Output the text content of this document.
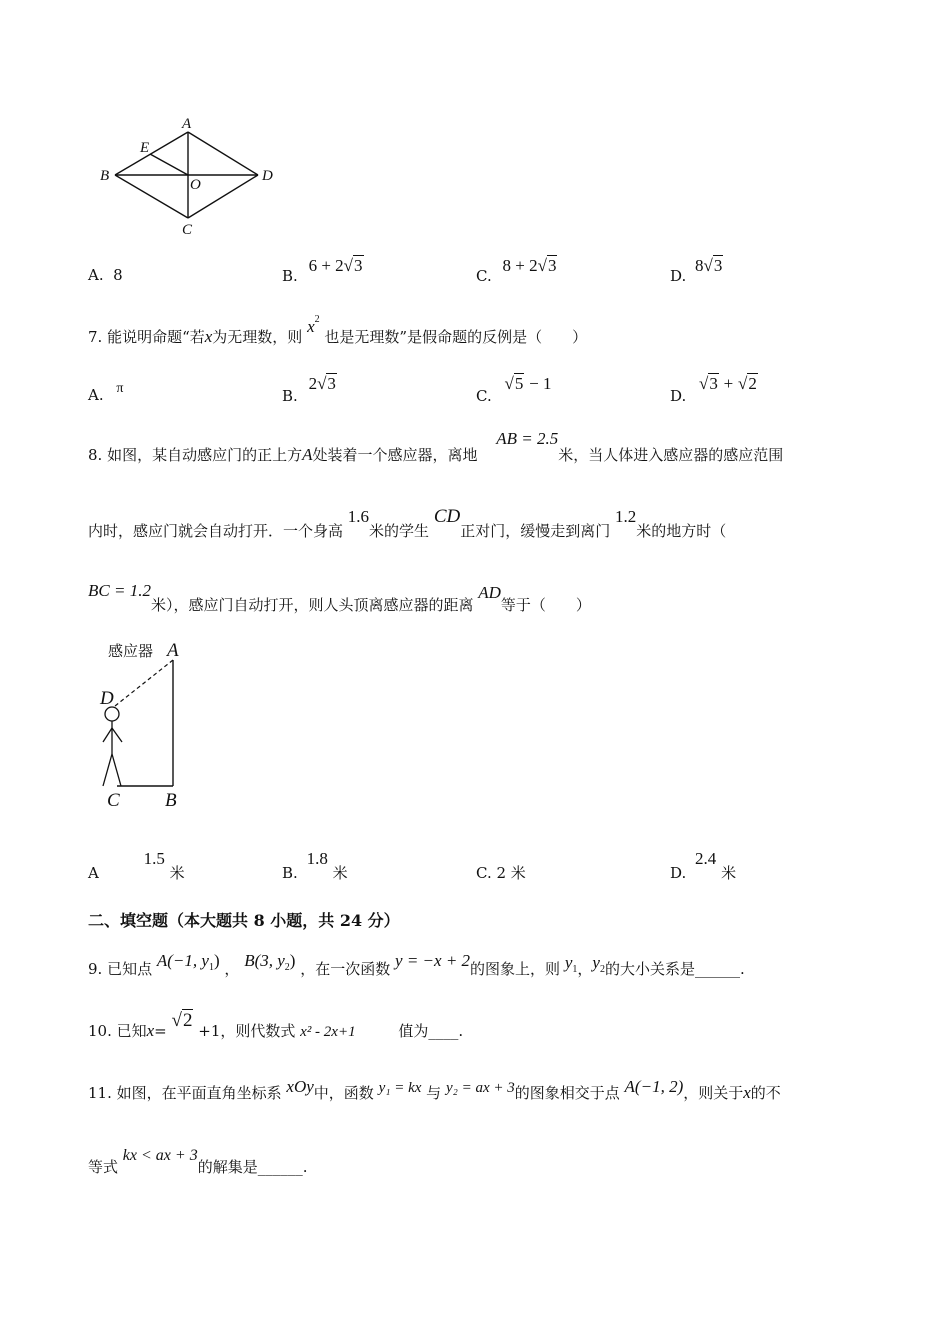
A
E
B
O
D
C
A. 8	B. 6 + 2√3
C. 8 + 2√3
D. 8√3
7. 能说明命题“若x为无理数，则 $x^2$ 也是无理数”是假命题的反例是（　　）
A. π	B. 2√3
C. √5 − 1
D. √3 + √2
8. 如图，某自动感应门的正上方A处装着一个感应器，离地 AB = 2.5米，当人体进入感应器的感应范围
内时，感应门就会自动打开．一个身高 1.6米的学生 CD正对门，缓慢走到离门 1.2米的地方时（
BC = 1.2米），感应门自动打开，则人头顶离感应器的距离 AD等于（　　）
感应器 A
D
C B
A 1.5 米	B. 1.8 米	C. 2 米	D. 2.4 米
二、填空题（本大题共 8 小题，共 24 分）
9. 已知点 A(−1, $y_1$) ， B(3, $y_2$) ，在一次函数 y = −x + 2的图象上，则 $y_1$，$y_2$的大小关系是______.
10. 已知x= √2 +1，则代数式 x² - 2x+1	值为____.
11. 如图，在平面直角坐标系 xOy中，函数 y₁ = kx 与 y₂ = ax + 3的图象相交于点 A(−1, 2)，则关于x的不
等式 kx < ax + 3的解集是______.
